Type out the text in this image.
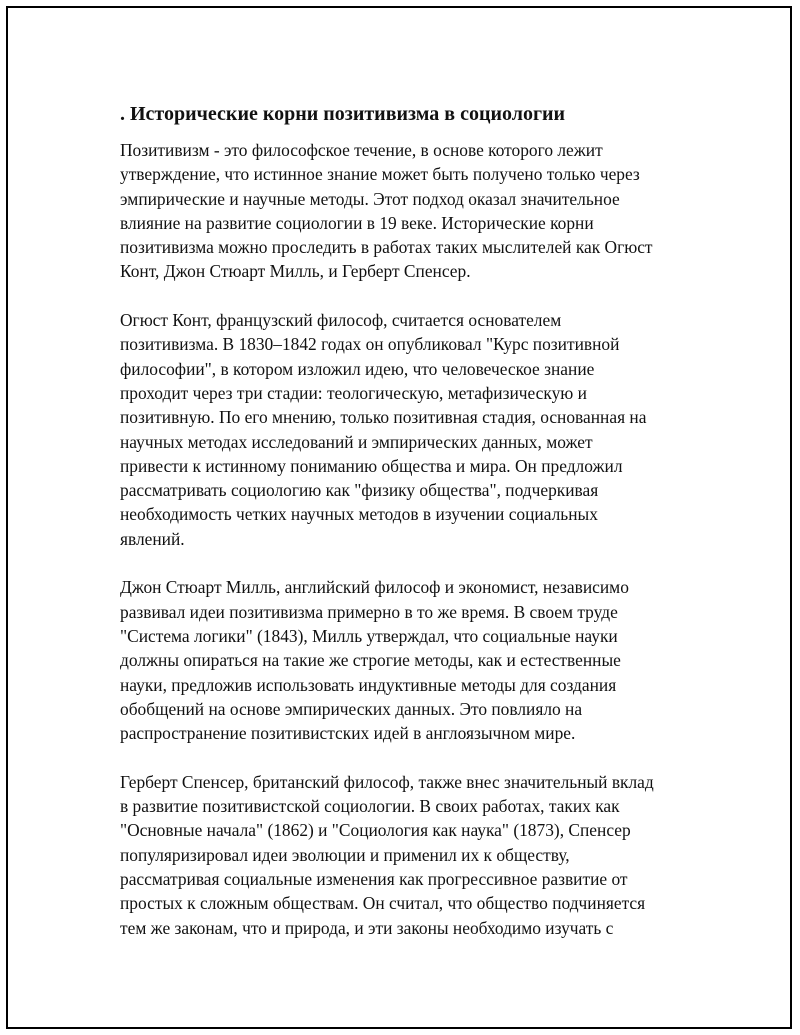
. Исторические корни позитивизма в социологии
Позитивизм - это философское течение, в основе которого лежит
утверждение, что истинное знание может быть получено только через
эмпирические и научные методы. Этот подход оказал значительное
влияние на развитие социологии в 19 веке. Исторические корни
позитивизма можно проследить в работах таких мыслителей как Огюст
Конт, Джон Стюарт Милль, и Герберт Спенсер.
Огюст Конт, французский философ, считается основателем
позитивизма. В 1830–1842 годах он опубликовал "Курс позитивной
философии", в котором изложил идею, что человеческое знание
проходит через три стадии: теологическую, метафизическую и
позитивную. По его мнению, только позитивная стадия, основанная на
научных методах исследований и эмпирических данных, может
привести к истинному пониманию общества и мира. Он предложил
рассматривать социологию как "физику общества", подчеркивая
необходимость четких научных методов в изучении социальных
явлений.
Джон Стюарт Милль, английский философ и экономист, независимо
развивал идеи позитивизма примерно в то же время. В своем труде
"Система логики" (1843), Милль утверждал, что социальные науки
должны опираться на такие же строгие методы, как и естественные
науки, предложив использовать индуктивные методы для создания
обобщений на основе эмпирических данных. Это повлияло на
распространение позитивистских идей в англоязычном мире.
Герберт Спенсер, британский философ, также внес значительный вклад
в развитие позитивистской социологии. В своих работах, таких как
"Основные начала" (1862) и "Социология как наука" (1873), Спенсер
популяризировал идеи эволюции и применил их к обществу,
рассматривая социальные изменения как прогрессивное развитие от
простых к сложным обществам. Он считал, что общество подчиняется
тем же законам, что и природа, и эти законы необходимо изучать с
